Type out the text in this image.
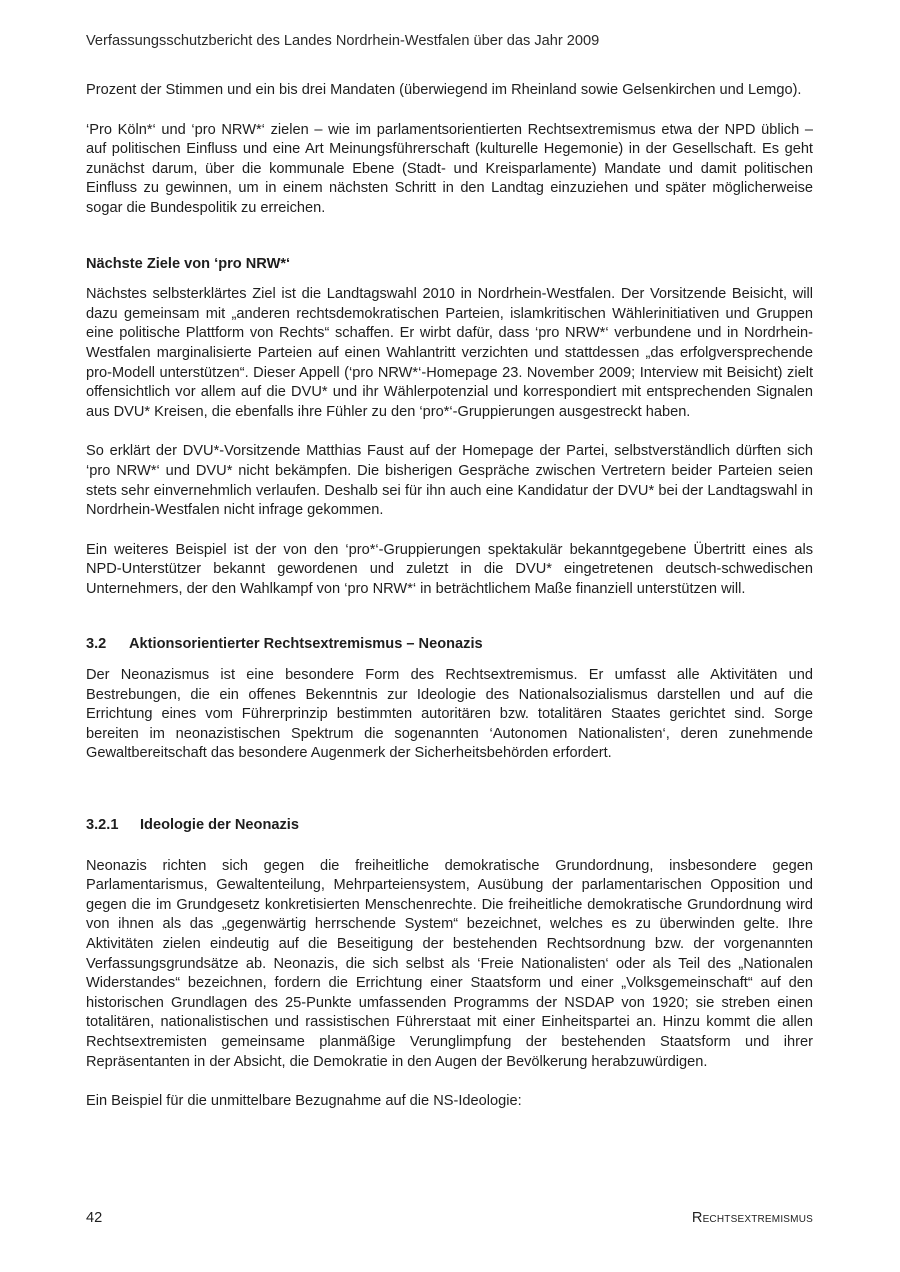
Verfassungsschutzbericht des Landes Nordrhein-Westfalen über das Jahr 2009

Prozent der Stimmen und ein bis drei Mandaten (überwiegend im Rheinland sowie Gelsenkirchen und Lemgo).

‘Pro Köln*‘ und ‘pro NRW*‘ zielen – wie im parlamentsorientierten Rechtsextremismus etwa der NPD üblich – auf politischen Einfluss und eine Art Meinungsführerschaft (kulturelle Hegemonie) in der Gesellschaft. Es geht zunächst darum, über die kommunale Ebene (Stadt- und Kreisparlamente) Mandate und damit politischen Einfluss zu gewinnen, um in einem nächsten Schritt in den Landtag einzuziehen und später möglicherweise sogar die Bundespolitik zu erreichen.

Nächste Ziele von ‘pro NRW*‘

Nächstes selbsterklärtes Ziel ist die Landtagswahl 2010 in Nordrhein-Westfalen. Der Vorsitzende Beisicht, will dazu gemeinsam mit „anderen rechtsdemokratischen Parteien, islamkritischen Wählerinitiativen und Gruppen eine politische Plattform von Rechts“ schaffen. Er wirbt dafür, dass ‘pro NRW*‘ verbundene und in Nordrhein-Westfalen marginalisierte Parteien auf einen Wahlantritt verzichten und stattdessen „das erfolgversprechende pro-Modell unterstützen“. Dieser Appell (‘pro NRW*‘-Homepage 23. November 2009; Interview mit Beisicht) zielt offensichtlich vor allem auf die DVU* und ihr Wählerpotenzial und korrespondiert mit entsprechenden Signalen aus DVU* Kreisen, die ebenfalls ihre Fühler zu den ‘pro*‘-Gruppierungen ausgestreckt haben.

So erklärt der DVU*-Vorsitzende Matthias Faust auf der Homepage der Partei, selbstverständlich dürften sich ‘pro NRW*‘ und DVU* nicht bekämpfen. Die bisherigen Gespräche zwischen Vertretern beider Parteien seien stets sehr einvernehmlich verlaufen. Deshalb sei für ihn auch eine Kandidatur der DVU* bei der Landtagswahl in Nordrhein-Westfalen nicht infrage gekommen.

Ein weiteres Beispiel ist der von den ‘pro*‘-Gruppierungen spektakulär bekanntgegebene Übertritt eines als NPD-Unterstützer bekannt gewordenen und zuletzt in die DVU* eingetretenen deutsch-schwedischen Unternehmers, der den Wahlkampf von ‘pro NRW*‘ in beträchtlichem Maße finanziell unterstützen will.

3.2 Aktionsorientierter Rechtsextremismus – Neonazis

Der Neonazismus ist eine besondere Form des Rechtsextremismus. Er umfasst alle Aktivitäten und Bestrebungen, die ein offenes Bekenntnis zur Ideologie des Nationalsozialismus darstellen und auf die Errichtung eines vom Führerprinzip bestimmten autoritären bzw. totalitären Staates gerichtet sind. Sorge bereiten im neonazistischen Spektrum die sogenannten ‘Autonomen Nationalisten‘, deren zunehmende Gewaltbereitschaft das besondere Augenmerk der Sicherheitsbehörden erfordert.

3.2.1 Ideologie der Neonazis

Neonazis richten sich gegen die freiheitliche demokratische Grundordnung, insbesondere gegen Parlamentarismus, Gewaltenteilung, Mehrparteiensystem, Ausübung der parlamentarischen Opposition und gegen die im Grundgesetz konkretisierten Menschenrechte. Die freiheitliche demokratische Grundordnung wird von ihnen als das „gegenwärtig herrschende System“ bezeichnet, welches es zu überwinden gelte. Ihre Aktivitäten zielen eindeutig auf die Beseitigung der bestehenden Rechtsordnung bzw. der vorgenannten Verfassungsgrundsätze ab. Neonazis, die sich selbst als ‘Freie Nationalisten‘ oder als Teil des „Nationalen Widerstandes“ bezeichnen, fordern die Errichtung einer Staatsform und einer „Volksgemeinschaft“ auf den historischen Grundlagen des 25-Punkte umfassenden Programms der NSDAP von 1920; sie streben einen totalitären, nationalistischen und rassistischen Führerstaat mit einer Einheitspartei an. Hinzu kommt die allen Rechtsextremisten gemeinsame planmäßige Verunglimpfung der bestehenden Staatsform und ihrer Repräsentanten in der Absicht, die Demokratie in den Augen der Bevölkerung herabzuwürdigen.

Ein Beispiel für die unmittelbare Bezugnahme auf die NS-Ideologie:

42	Rechtsextremismus
